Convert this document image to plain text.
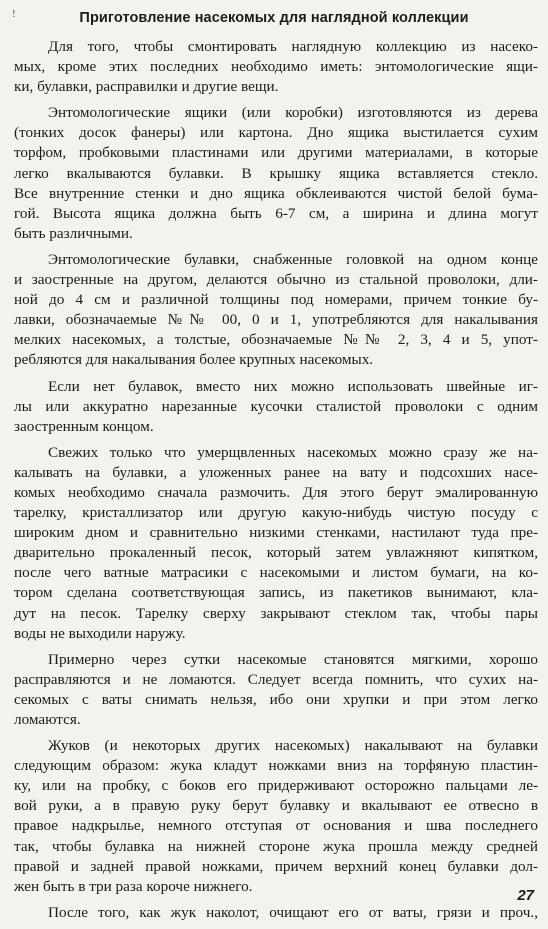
!	Приготовление насекомых для наглядной коллекции
Для того, чтобы смонтировать наглядную коллекцию из насеко-
мых, кроме этих последних необходимо иметь: энтомологические ящи-
ки, булавки, расправилки и другие вещи.
Энтомологические ящики (или коробки) изготовляются из дерева
(тонких досок фанеры) или картона. Дно ящика выстилается сухим
торфом, пробковыми пластинами или другими материалами, в которые
легко вкалываются булавки. В крышку ящика вставляется стекло.
Все внутренние стенки и дно ящика обклеиваются чистой белой бума-
гой. Высота ящика должна быть 6-7 см, а ширина и длина могут
быть различными.
Энтомологические булавки, снабженные головкой на одном конце
и заостренные на другом, делаются обычно из стальной проволоки, дли-
ной до 4 см и различной толщины под номерами, причем тонкие бу-
лавки, обозначаемые №№ 00, 0 и 1, употребляются для накалывания
мелких насекомых, а толстые, обозначаемые №№ 2, 3, 4 и 5, упот-
ребляются для накалывания более крупных насекомых.
Если нет булавок, вместо них можно использовать швейные иг-
лы или аккуратно нарезанные кусочки сталистой проволоки с одним
заостренным концом.
Свежих только что умерщвленных насекомых можно сразу же на-
калывать на булавки, а уложенных ранее на вату и подсохших насе-
комых необходимо сначала размочить. Для этого берут эмалированную
тарелку, кристаллизатор или другую какую-нибудь чистую посуду с
широким дном и сравнительно низкими стенками, настилают туда пре-
дварительно прокаленный песок, который затем увлажняют кипятком,
после чего ватные матрасики с насекомыми и листом бумаги, на ко-
тором сделана соответствующая запись, из пакетиков вынимают, кла-
дут на песок. Тарелку сверху закрывают стеклом так, чтобы пары
воды не выходили наружу.
Примерно через сутки насекомые становятся мягкими, хорошо
расправляются и не ломаются. Следует всегда помнить, что сухих на-
секомых с ваты снимать нельзя, ибо они хрупки и при этом легко
ломаются.
Жуков (и некоторых других насекомых) накалывают на булавки
следующим образом: жука кладут ножками вниз на торфяную пластин-
ку, или на пробку, с боков его придерживают осторожно пальцами ле-
вой руки, а в правую руку берут булавку и вкалывают ее отвесно в
правое надкрылье, немного отступая от основания и шва последнего
так, чтобы булавка на нижней стороне жука прошла между средней
правой и задней правой ножками, причем верхний конец булавки дол-
жен быть в три раза короче нижнего.
После того, как жук наколот, очищают его от ваты, грязи и проч.,
27
